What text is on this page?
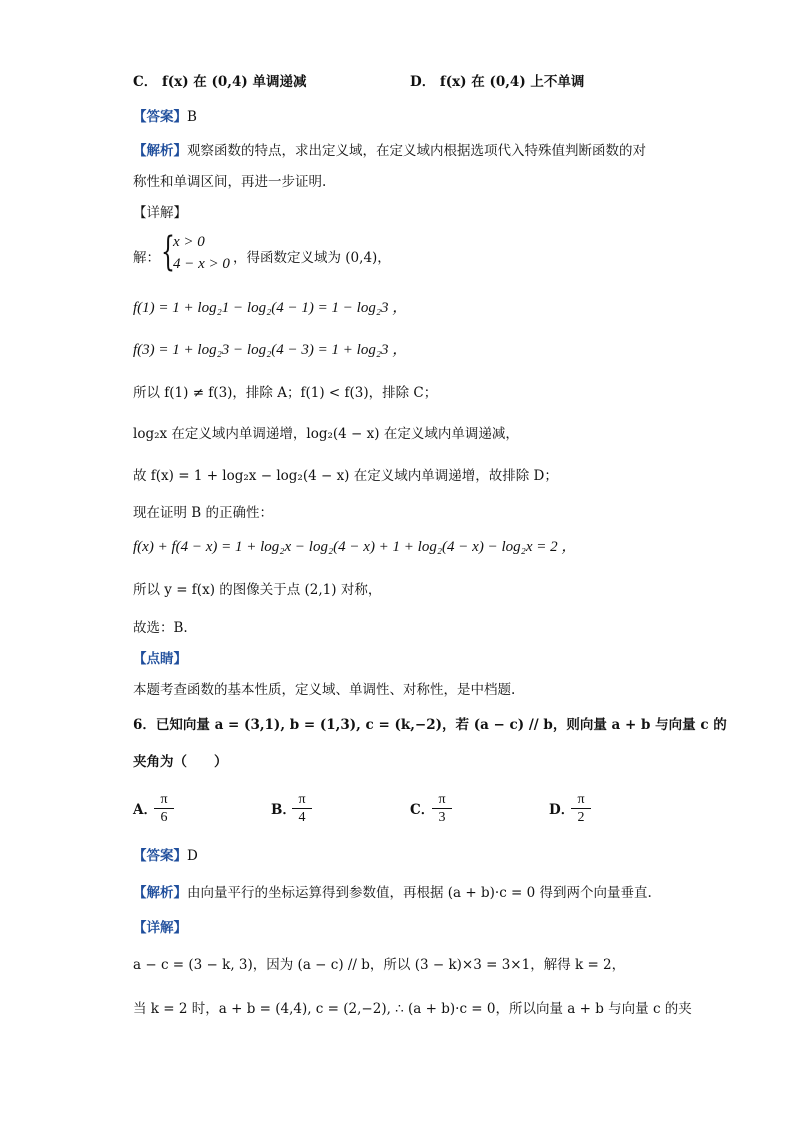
C． f(x) 在 (0,4) 单调递减	D． f(x) 在 (0,4) 上不单调
【答案】B
【解析】观察函数的特点，求出定义域，在定义域内根据选项代入特殊值判断函数的对
称性和单调区间，再进一步证明.
【详解】
解： {
x > 0
4 − x > 0 ，得函数定义域为 (0,4)，
f(1) = 1 + log₂1 − log₂(4 − 1) = 1 − log₂3 ，
f(3) = 1 + log₂3 − log₂(4 − 3) = 1 + log₂3 ，
所以 f(1) ≠ f(3)，排除 A；f(1) < f(3)，排除 C；
log₂x 在定义域内单调递增，log₂(4 − x) 在定义域内单调递减，
故 f(x) = 1 + log₂x − log₂(4 − x) 在定义域内单调递增，故排除 D；
现在证明 B 的正确性：
f(x) + f(4 − x) = 1 + log₂x − log₂(4 − x) + 1 + log₂(4 − x) − log₂x = 2 ，
所以 y = f(x) 的图像关于点 (2,1) 对称，
故选：B.
【点睛】
本题考查函数的基本性质，定义域、单调性、对称性，是中档题.
6．已知向量 a = (3,1), b = (1,3), c = (k,−2)，若 (a − c) // b，则向量 a + b 与向量 c 的
夹角为（　　）
A．
$\frac{\pi}{6}$	B．
$\frac{\pi}{4}$	C．
$\frac{\pi}{3}$	D．
$\frac{\pi}{2}$
【答案】D
【解析】由向量平行的坐标运算得到参数值，再根据 (a + b)·c = 0 得到两个向量垂直.
【详解】
a − c = (3 − k, 3)，因为 (a − c) // b，所以 (3 − k)×3 = 3×1，解得 k = 2，
当 k = 2 时，a + b = (4,4), c = (2,−2), ∴ (a + b)·c = 0，所以向量 a + b 与向量 c 的夹
